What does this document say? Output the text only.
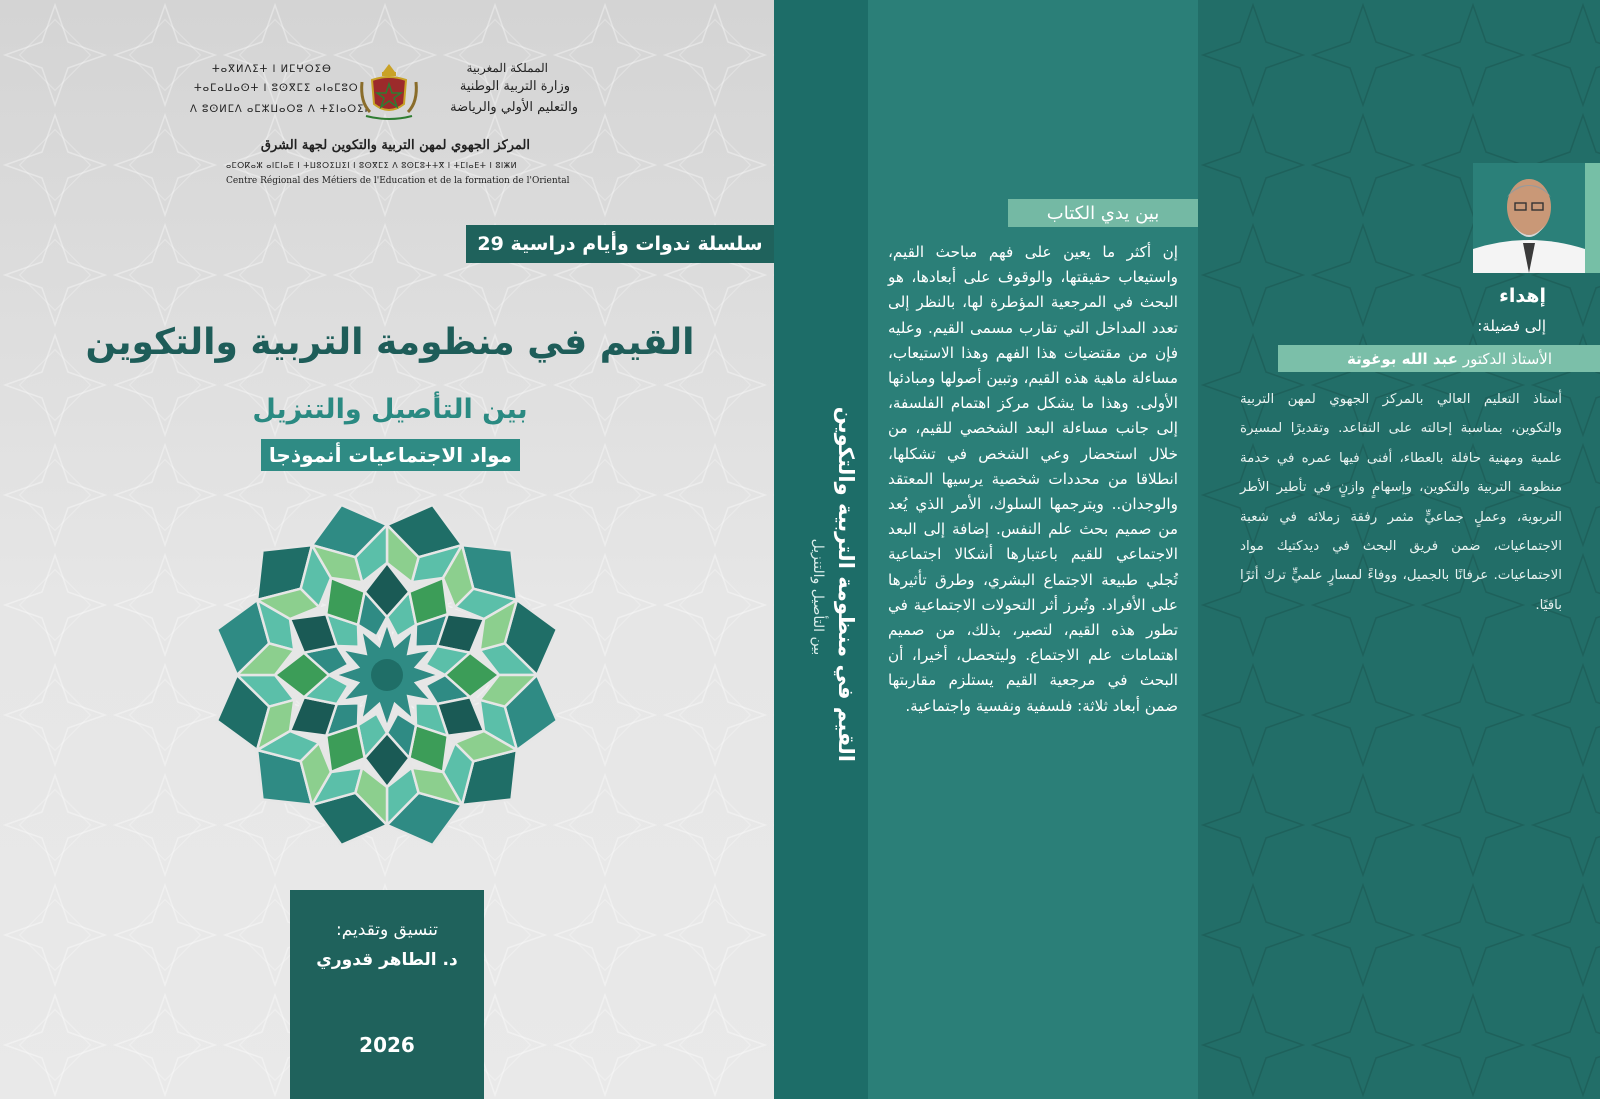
المملكة المغربية
وزارة التربية الوطنية
والتعليم الأولي والرياضة
ⵜⴰⴳⵍⴷⵉⵜ ⵏ ⵍⵎⵖⵔⵉⴱ
ⵜⴰⵎⴰⵡⴰⵙⵜ ⵏ ⵓⵙⴳⵎⵉ ⴰⵏⴰⵎⵓⵔ
ⴷ ⵓⵙⵍⵎⴷ ⴰⵎⵣⵡⴰⵔⵓ ⴷ ⵜⵉⵏⴰⵔⵉⵏ
المركز الجهوي لمهن التربية والتكوين لجهة الشرق
ⴰⵎⵔⴽⴰⵣ ⴰⵏⵎⵏⴰⴹ ⵏ ⵜⵡⵓⵔⵉⵡⵉⵏ ⵏ ⵓⵙⴳⵎⵉ ⴷ ⵓⵙⵎⵓⵜⵜⴳ ⵏ ⵜⵎⵏⴰⴹⵜ ⵏ ⵓⵏⵥⵍ
Centre Régional des Métiers de l'Education et de la formation de l'Oriental
سلسلة ندوات وأيام دراسية 29
القيم في منظومة التربية والتكوين
بين التأصيل والتنزيل
مواد الاجتماعيات أنموذجا
تنسيق وتقديم:
د. الطاهر قدوري
2026
القيم في منظومة التربية والتكوين
بين التأصيل والتنزيل
بين يدي الكتاب
إن أكثر ما يعين على فهم مباحث القيم، واستيعاب حقيقتها، والوقوف على أبعادها، هو البحث في المرجعية المؤطرة لها، بالنظر إلى تعدد المداخل التي تقارب مسمى القيم. وعليه فإن من مقتضيات هذا الفهم وهذا الاستيعاب، مساءلة ماهية هذه القيم، وتبين أصولها ومبادئها الأولى. وهذا ما يشكل مركز اهتمام الفلسفة، إلى جانب مساءلة البعد الشخصي للقيم، من خلال استحضار وعي الشخص في تشكلها، انطلاقا من محددات شخصية يرسيها المعتقد والوجدان.. ويترجمها السلوك، الأمر الذي يُعد من صميم بحث علم النفس. إضافة إلى البعد الاجتماعي للقيم باعتبارها أشكالا اجتماعية تُجلي طبيعة الاجتماع البشري، وطرق تأثيرها على الأفراد. وتُبرز أثر التحولات الاجتماعية في تطور هذه القيم، لتصير، بذلك، من صميم اهتمامات علم الاجتماع. وليتحصل، أخيرا، أن البحث في مرجعية القيم يستلزم مقاربتها ضمن أبعاد ثلاثة: فلسفية ونفسية واجتماعية.
إهداء
إلى فضيلة:
الأستاذ الدكتور
عبد الله بوغوتة
أستاذ التعليم العالي بالمركز الجهوي لمهن التربية والتكوين، بمناسبة إحالته على التقاعد. وتقديرًا لمسيرة علمية ومهنية حافلة بالعطاء، أفنى فيها عمره في خدمة منظومة التربية والتكوين، وإسهامٍ وازنٍ في تأطير الأطر التربوية، وعملٍ جماعيٍّ مثمر رفقة زملائه في شعبة الاجتماعيات، ضمن فريق البحث في ديدكتيك مواد الاجتماعيات. عرفانًا بالجميل، ووفاءً لمسارٍ علميٍّ ترك أثرًا باقيًا.
